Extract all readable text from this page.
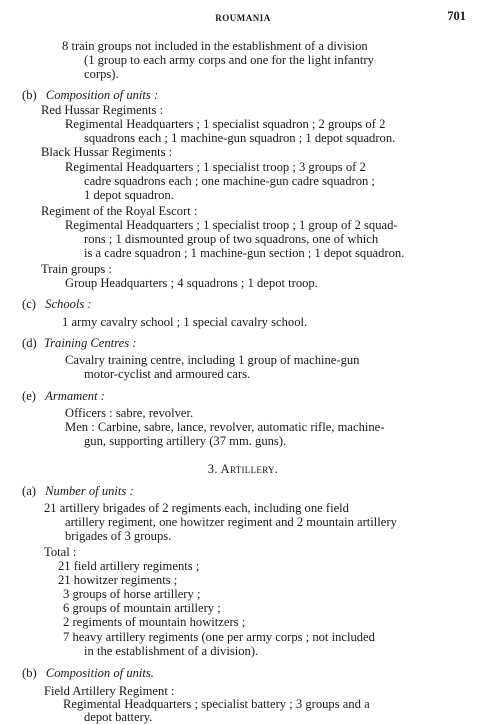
ROUMANIA	701
8 train groups not included in the establishment of a division
(1 group to each army corps and one for the light infantry
corps).
(b) Composition of units :
Red Hussar Regiments :
Regimental Headquarters ; 1 specialist squadron ; 2 groups of 2
squadrons each ; 1 machine-gun squadron ; 1 depot squadron.
Black Hussar Regiments :
Regimental Headquarters ; 1 specialist troop ; 3 groups of 2
cadre squadrons each ; one machine-gun cadre squadron ;
1 depot squadron.
Regiment of the Royal Escort :
Regimental Headquarters ; 1 specialist troop ; 1 group of 2 squad-
rons ; 1 dismounted group of two squadrons, one of which
is a cadre squadron ; 1 machine-gun section ; 1 depot squadron.
Train groups :
Group Headquarters ; 4 squadrons ; 1 depot troop.
(c) Schools :
1 army cavalry school ; 1 special cavalry school.
(d) Training Centres :
Cavalry training centre, including 1 group of machine-gun
motor-cyclist and armoured cars.
(e) Armament :
Officers : sabre, revolver.
Men : Carbine, sabre, lance, revolver, automatic rifle, machine-
gun, supporting artillery (37 mm. guns).
3. Artillery.
(a) Number of units :
21 artillery brigades of 2 regiments each, including one field
artillery regiment, one howitzer regiment and 2 mountain artillery
brigades of 3 groups.
Total :
21 field artillery regiments ;
21 howitzer regiments ;
3 groups of horse artillery ;
6 groups of mountain artillery ;
2 regiments of mountain howitzers ;
7 heavy artillery regiments (one per army corps ; not included
in the establishment of a division).
(b) Composition of units.
Field Artillery Regiment :
Regimental Headquarters ; specialist battery ; 3 groups and a
depot battery.
